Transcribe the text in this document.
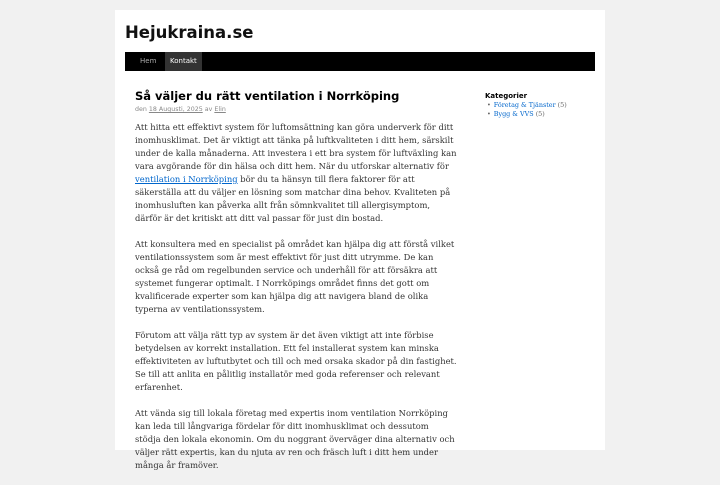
Hejukraina.se
Hem	Kontakt
Så väljer du rätt ventilation i Norrköping
den 18 Augusti, 2025 av Elin

Att hitta ett effektivt system för luftomsättning kan göra underverk för ditt inomhusklimat. Det är viktigt att tänka på luftkvaliteten i ditt hem, särskilt under de kalla månaderna. Att investera i ett bra system för luftväxling kan vara avgörande för din hälsa och ditt hem. När du utforskar alternativ för ventilation i Norrköping bör du ta hänsyn till flera faktorer för att säkerställa att du väljer en lösning som matchar dina behov. Kvaliteten på inomhusluften kan påverka allt från sömnkvalitet till allergisymptom, därför är det kritiskt att ditt val passar för just din bostad.

Att konsultera med en specialist på området kan hjälpa dig att förstå vilket ventilationssystem som är mest effektivt för just ditt utrymme. De kan också ge råd om regelbunden service och underhåll för att försäkra att systemet fungerar optimalt. I Norrköpings området finns det gott om kvalificerade experter som kan hjälpa dig att navigera bland de olika typerna av ventilationssystem.

Förutom att välja rätt typ av system är det även viktigt att inte förbise betydelsen av korrekt installation. Ett fel installerat system kan minska effektiviteten av luftutbytet och till och med orsaka skador på din fastighet. Se till att anlita en pålitlig installatör med goda referenser och relevant erfarenhet.

Att vända sig till lokala företag med expertis inom ventilation Norrköping kan leda till långvariga fördelar för ditt inomhusklimat och dessutom stödja den lokala ekonomin. Om du noggrant överväger dina alternativ och väljer rätt expertis, kan du njuta av ren och fräsch luft i ditt hem under många år framöver.

Kategorier
• Företag & Tjänster (5)
• Bygg & VVS (5)
